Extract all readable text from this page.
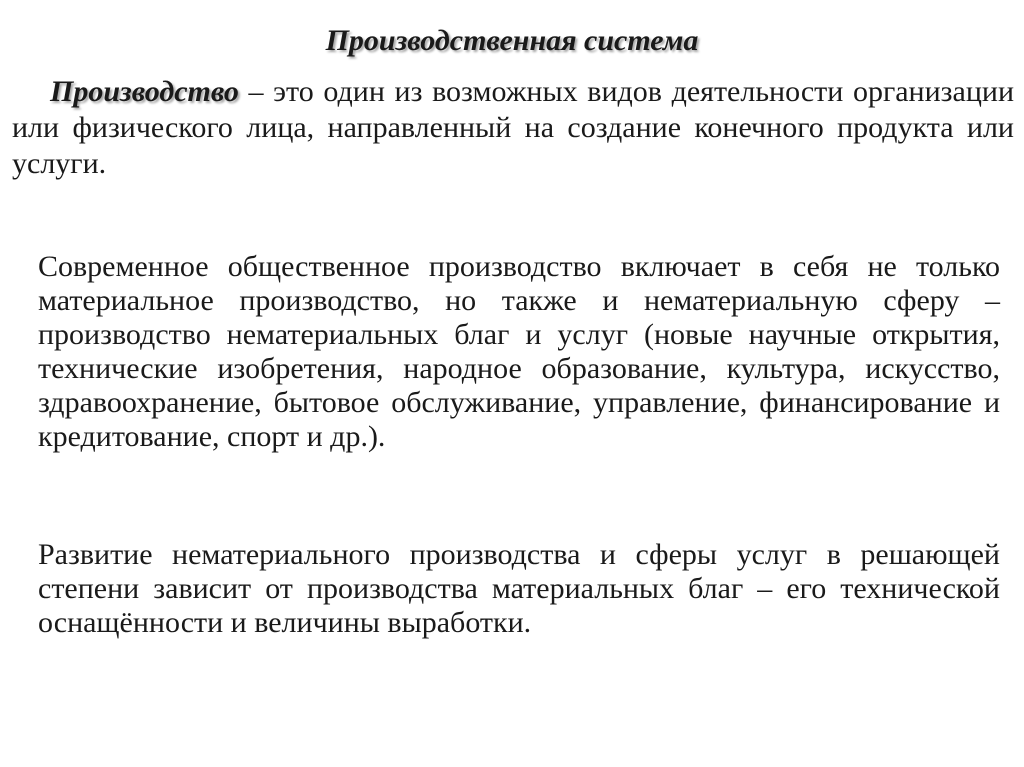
Производственная система
Производство – это один из возможных видов деятельности организации или физического лица, направленный на создание конечного продукта или услуги.
Современное общественное производство включает в себя не только материальное производство, но также и нематериальную сферу – производство нематериальных благ и услуг (новые научные открытия, технические изобретения, народное образование, культура, искусство, здравоохранение, бытовое обслуживание, управление, финансирование и кредитование, спорт и др.).
Развитие нематериального производства и сферы услуг в решающей степени зависит от производства материальных благ – его технической оснащённости и величины выработки.
